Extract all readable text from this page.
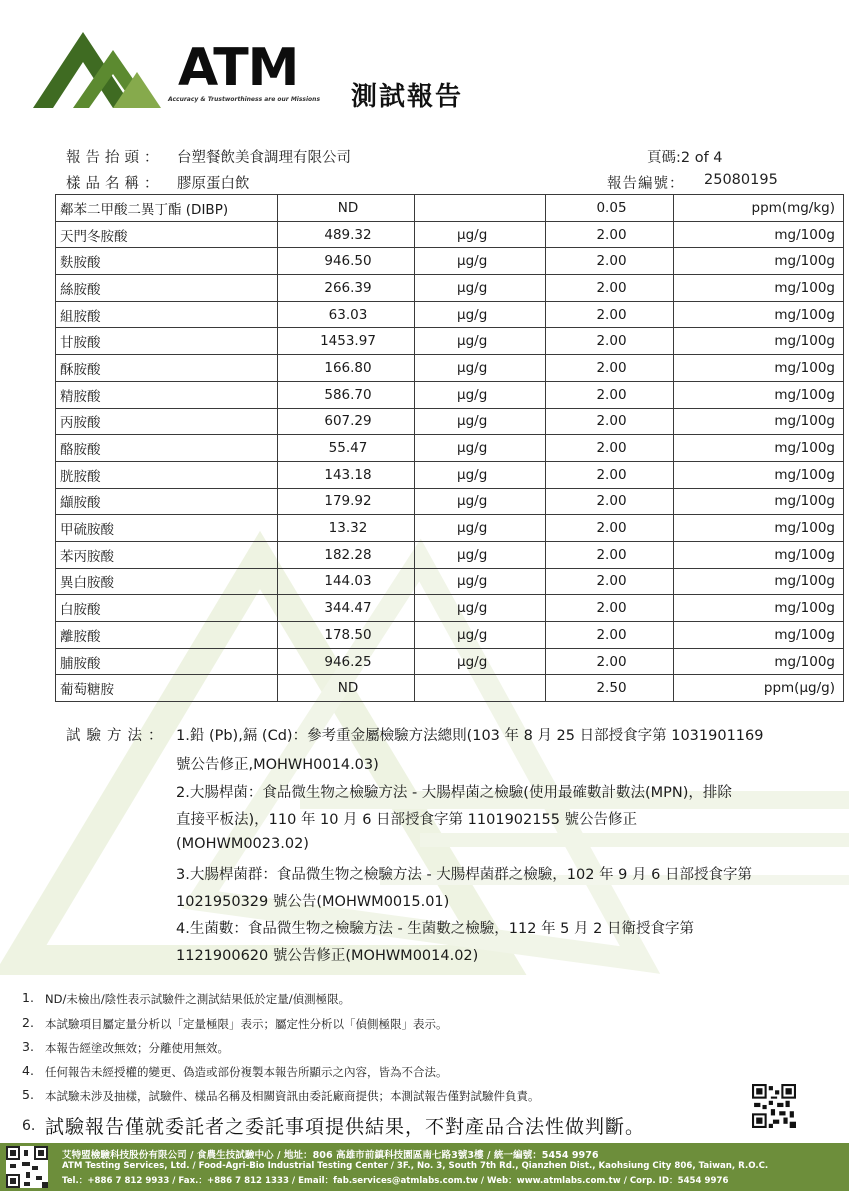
ATM
Accuracy & Trustworthiness are our Missions 測試報告
報告抬頭： 台塑餐飲美食調理有限公司	頁碼:2 of 4
樣品名稱： 膠原蛋白飲	報告編號： 25080195
鄰苯二甲酸二異丁酯 (DIBP)	ND		0.05	ppm(mg/kg)
天門冬胺酸	489.32	μg/g	2.00	mg/100g
麩胺酸	946.50	μg/g	2.00	mg/100g
絲胺酸	266.39	μg/g	2.00	mg/100g
組胺酸	63.03	μg/g	2.00	mg/100g
甘胺酸	1453.97	μg/g	2.00	mg/100g
酥胺酸	166.80	μg/g	2.00	mg/100g
精胺酸	586.70	μg/g	2.00	mg/100g
丙胺酸	607.29	μg/g	2.00	mg/100g
酪胺酸	55.47	μg/g	2.00	mg/100g
胱胺酸	143.18	μg/g	2.00	mg/100g
纈胺酸	179.92	μg/g	2.00	mg/100g
甲硫胺酸	13.32	μg/g	2.00	mg/100g
苯丙胺酸	182.28	μg/g	2.00	mg/100g
異白胺酸	144.03	μg/g	2.00	mg/100g
白胺酸	344.47	μg/g	2.00	mg/100g
離胺酸	178.50	μg/g	2.00	mg/100g
脯胺酸	946.25	μg/g	2.00	mg/100g
葡萄糖胺	ND		2.50	ppm(μg/g)
試驗方法： 1.鉛 (Pb),鎘 (Cd)：參考重金屬檢驗方法總則(103 年 8 月 25 日部授食字第 1031901169
號公告修正,MOHWH0014.03)
2.大腸桿菌：食品微生物之檢驗方法 - 大腸桿菌之檢驗(使用最確數計數法(MPN)，排除
直接平板法)，110 年 10 月 6 日部授食字第 1101902155 號公告修正
(MOHWM0023.02)
3.大腸桿菌群：食品微生物之檢驗方法 - 大腸桿菌群之檢驗，102 年 9 月 6 日部授食字第
1021950329 號公告(MOHWM0015.01)
4.生菌數：食品微生物之檢驗方法 - 生菌數之檢驗，112 年 5 月 2 日衛授食字第
1121900620 號公告修正(MOHWM0014.02)
1. ND/未檢出/陰性表示試驗件之測試結果低於定量/偵測極限。
2. 本試驗項目屬定量分析以「定量極限」表示；屬定性分析以「偵側極限」表示。
3. 本報告經塗改無效；分離使用無效。
4. 任何報告未經授權的變更、偽造或部份複製本報告所顯示之內容，皆為不合法。
5. 本試驗未涉及抽樣，試驗件、樣品名稱及相關資訊由委託廠商提供；本測試報告僅對試驗件負責。
6. 試驗報告僅就委託者之委託事項提供結果，不對產品合法性做判斷。
艾特盟檢驗科技股份有限公司 / 食農生技試驗中心 / 地址：806 高雄市前鎮科技園區南七路3號3樓 / 統一編號：5454 9976
ATM Testing Services, Ltd. / Food-Agri-Bio Industrial Testing Center / 3F., No. 3, South 7th Rd., Qianzhen Dist., Kaohsiung City 806, Taiwan, R.O.C.
Tel.：+886 7 812 9933 / Fax.：+886 7 812 1333 / Email：fab.services@atmlabs.com.tw / Web：www.atmlabs.com.tw / Corp. ID：5454 9976
